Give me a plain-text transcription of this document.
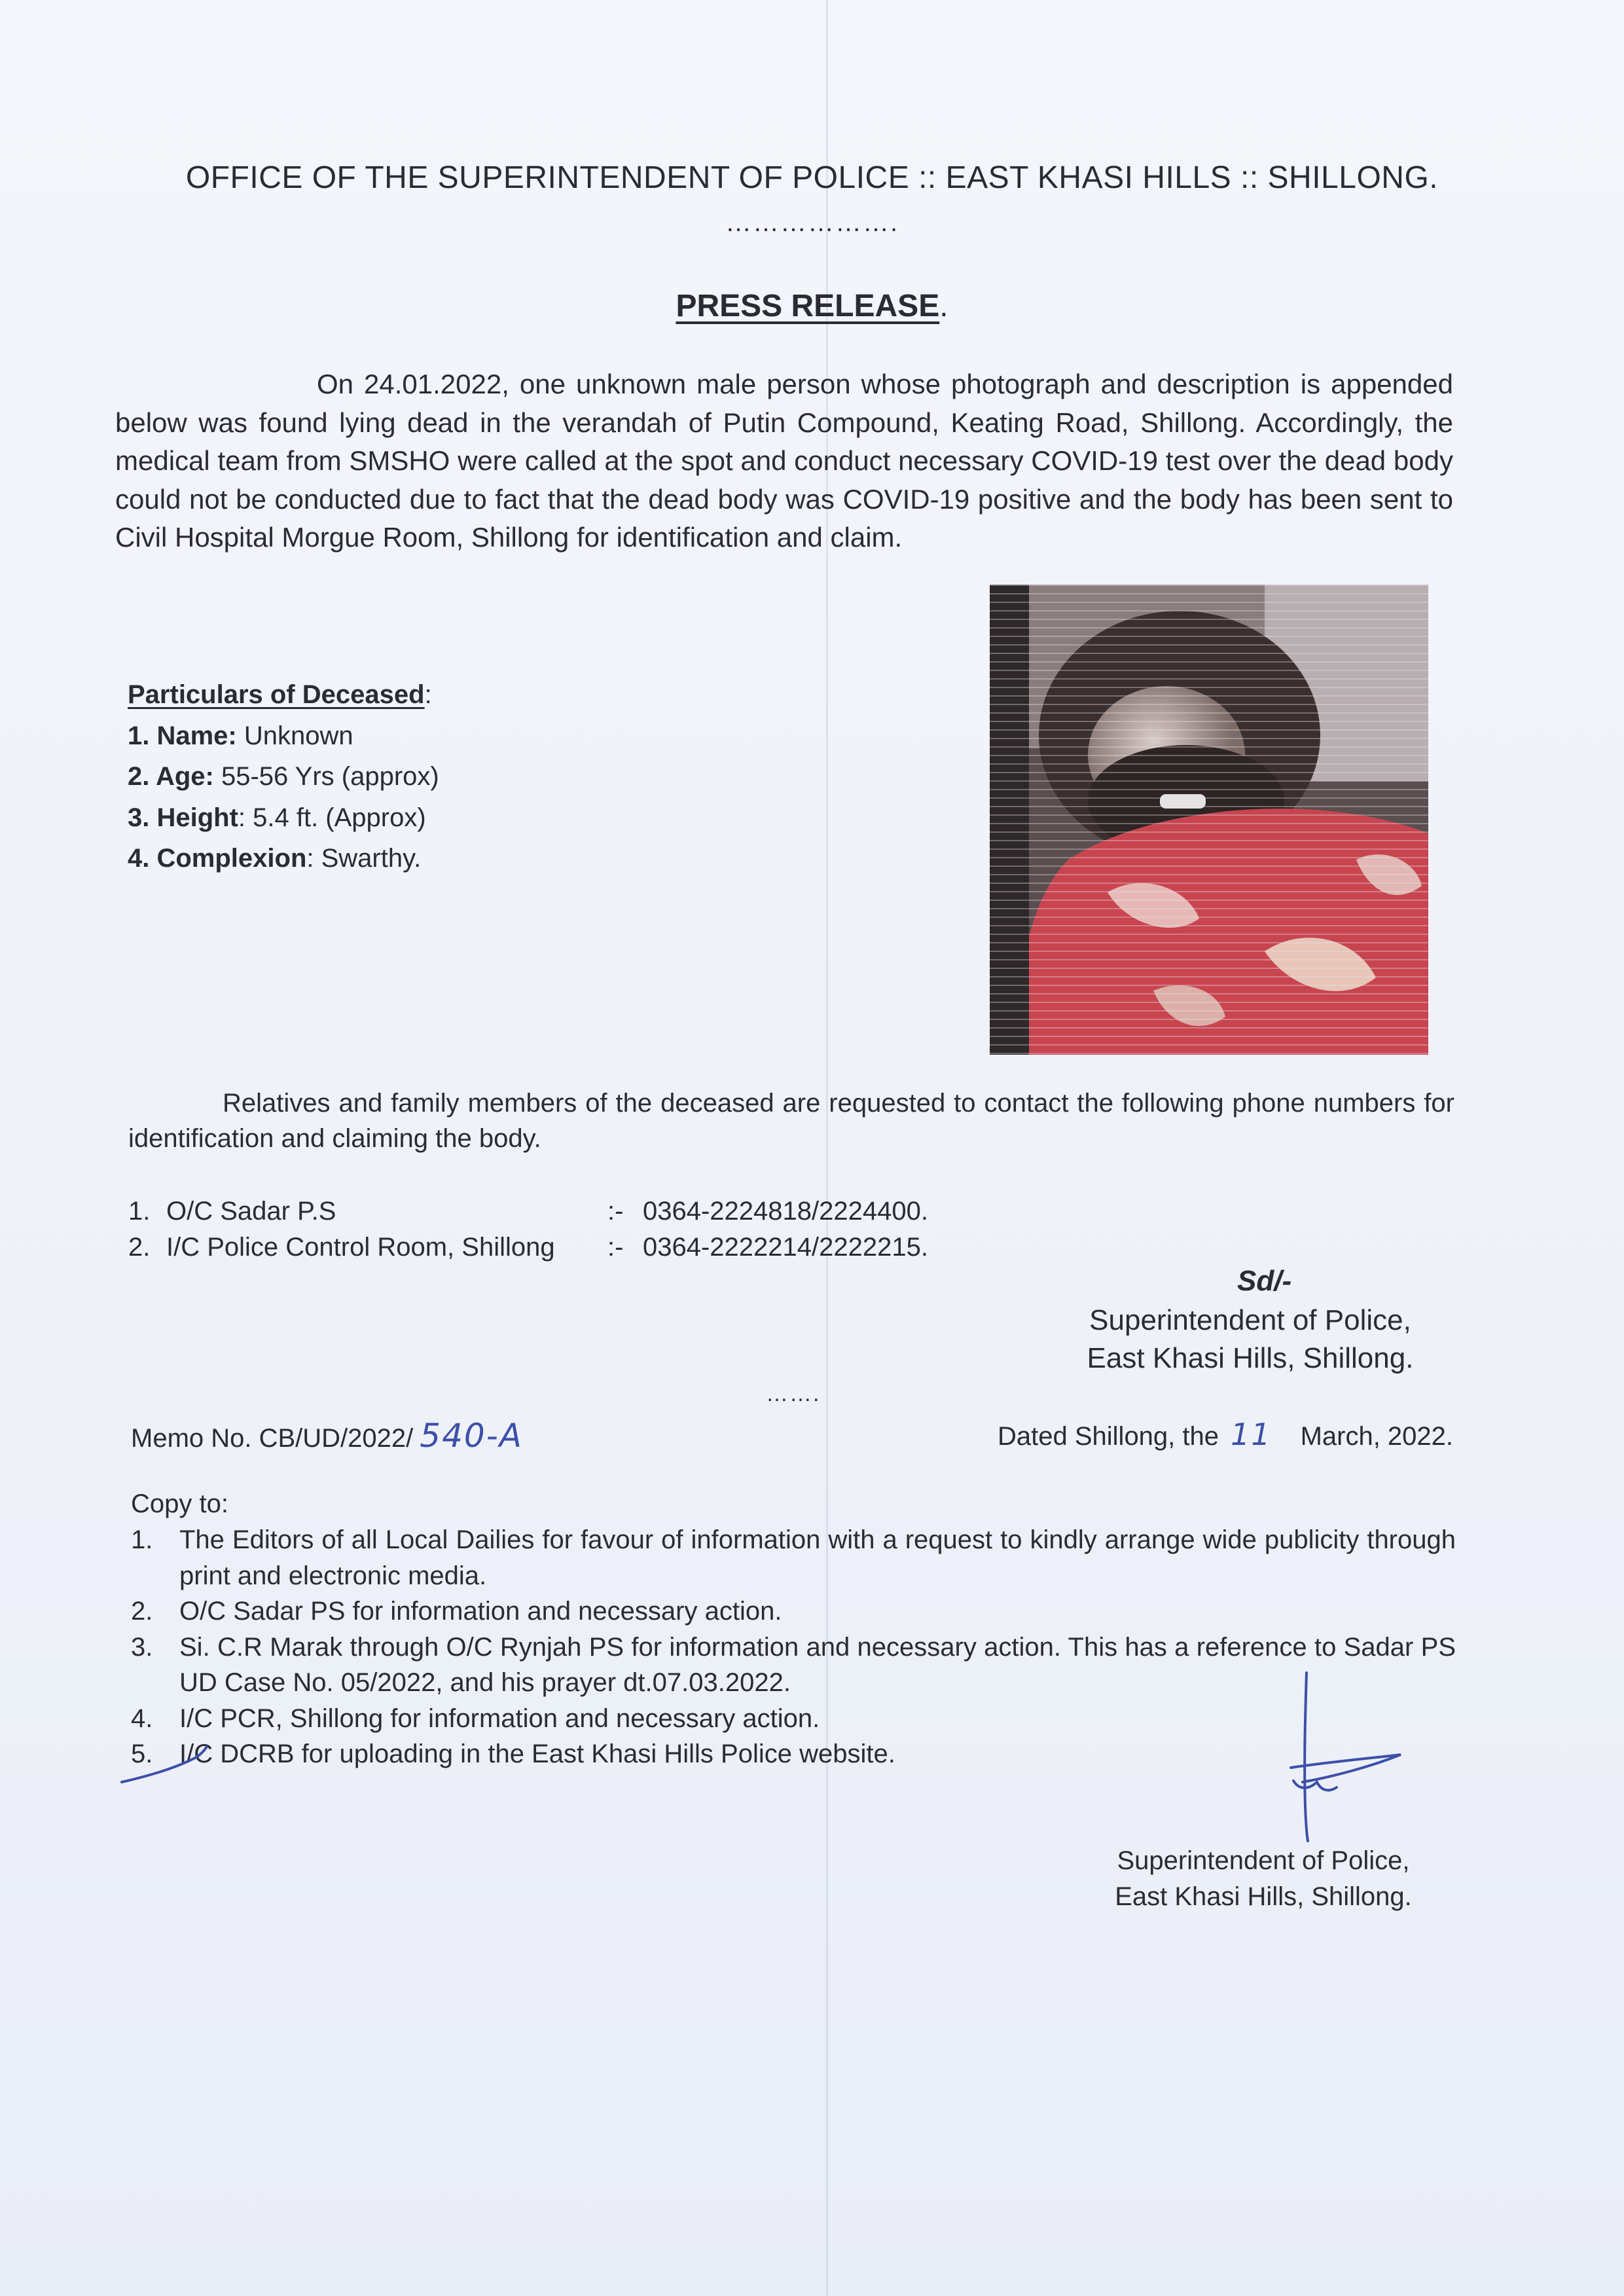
OFFICE OF THE SUPERINTENDENT OF POLICE :: EAST KHASI HILLS :: SHILLONG.
……………….
PRESS RELEASE.
On 24.01.2022, one unknown male person whose photograph and description is appended below was found lying dead in the verandah of Putin Compound, Keating Road, Shillong. Accordingly, the medical team from SMSHO were called at the spot and conduct necessary COVID-19 test over the dead body could not be conducted due to fact that the dead body was COVID-19 positive and the body has been sent to Civil Hospital Morgue Room, Shillong for identification and claim.
Particulars of Deceased:
1. Name: Unknown
2. Age: 55-56 Yrs (approx)
3. Height: 5.4 ft. (Approx)
4. Complexion: Swarthy.
Relatives and family members of the deceased are requested to contact the following phone numbers for identification and claiming the body.
1. O/C Sadar P.S	:- 0364-2224818/2224400.
2. I/C Police Control Room, Shillong :- 0364-2222214/2222215.
Sd/-
Superintendent of Police,
East Khasi Hills, Shillong.
…….
Memo No. CB/UD/2022/ 540-A	Dated Shillong, the 11 March, 2022.
Copy to:
1. The Editors of all Local Dailies for favour of information with a request to kindly arrange wide publicity through print and electronic media.
2. O/C Sadar PS for information and necessary action.
3. Si. C.R Marak through O/C Rynjah PS for information and necessary action. This has a reference to Sadar PS UD Case No. 05/2022, and his prayer dt.07.03.2022.
4. I/C PCR, Shillong for information and necessary action.
5. I/C DCRB for uploading in the East Khasi Hills Police website.
Superintendent of Police,
East Khasi Hills, Shillong.
